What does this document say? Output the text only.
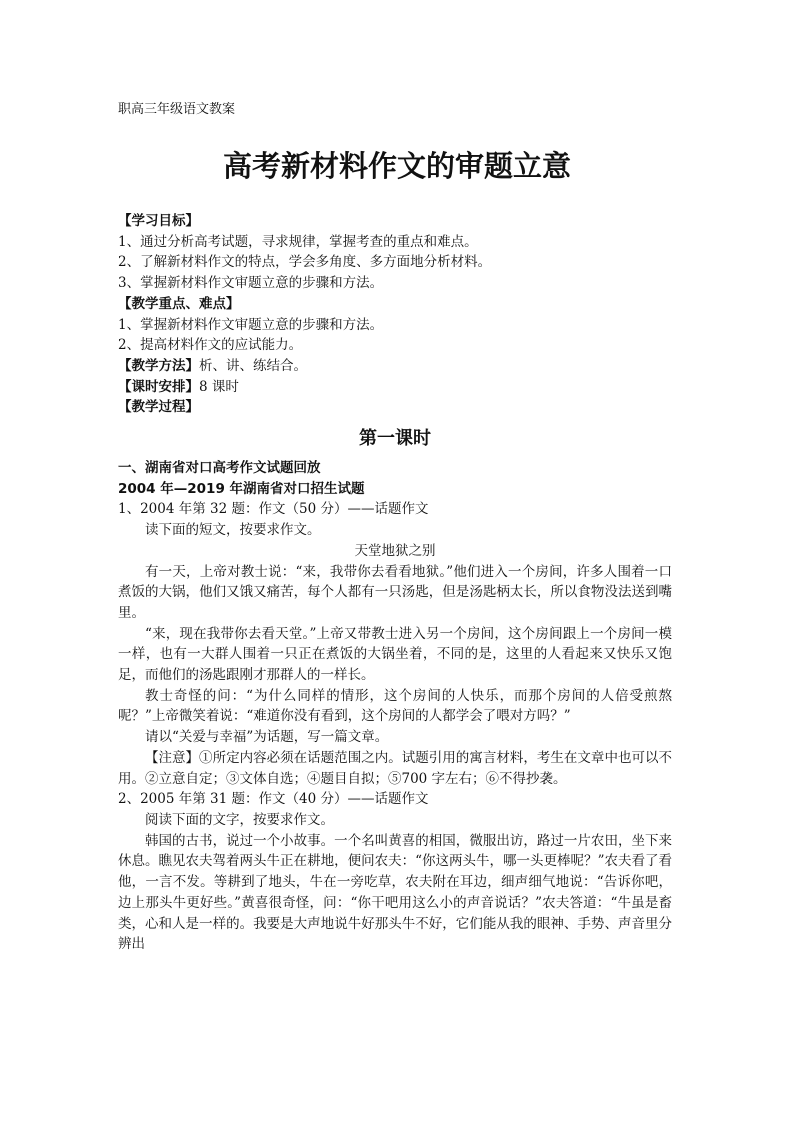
职高三年级语文教案
高考新材料作文的审题立意

【学习目标】

1、通过分析高考试题，寻求规律，掌握考查的重点和难点。

2、了解新材料作文的特点，学会多角度、多方面地分析材料。

3、掌握新材料作文审题立意的步骤和方法。

【教学重点、难点】

1、掌握新材料作文审题立意的步骤和方法。

2、提高材料作文的应试能力。

【教学方法】析、讲、练结合。

【课时安排】8 课时

【教学过程】

第一课时

一、湖南省对口高考作文试题回放

2004 年—2019 年湖南省对口招生试题

1、2004 年第 32 题：作文（50 分）——话题作文

读下面的短文，按要求作文。

天堂地狱之别

有一天，上帝对教士说：“来，我带你去看看地狱。”他们进入一个房间，许多人围着一口煮饭的大锅，他们又饿又痛苦，每个人都有一只汤匙，但是汤匙柄太长，所以食物没法送到嘴里。

“来，现在我带你去看天堂。”上帝又带教士进入另一个房间，这个房间跟上一个房间一模一样，也有一大群人围着一只正在煮饭的大锅坐着，不同的是，这里的人看起来又快乐又饱足，而他们的汤匙跟刚才那群人的一样长。

教士奇怪的问：“为什么同样的情形，这个房间的人快乐，而那个房间的人倍受煎熬呢？”上帝微笑着说：“难道你没有看到，这个房间的人都学会了喂对方吗？”

请以“关爱与幸福”为话题，写一篇文章。

【注意】①所定内容必须在话题范围之内。试题引用的寓言材料，考生在文章中也可以不用。②立意自定；③文体自选；④题目自拟；⑤700 字左右；⑥不得抄袭。

2、2005 年第 31 题：作文（40 分）——话题作文

阅读下面的文字，按要求作文。

韩国的古书，说过一个小故事。一个名叫黄喜的相国，微服出访，路过一片农田，坐下来休息。瞧见农夫驾着两头牛正在耕地，便问农夫：“你这两头牛，哪一头更棒呢？”农夫看了看他，一言不发。等耕到了地头，牛在一旁吃草，农夫附在耳边，细声细气地说：“告诉你吧，边上那头牛更好些。”黄喜很奇怪，问：“你干吧用这么小的声音说话？”农夫答道：“牛虽是畜类，心和人是一样的。我要是大声地说牛好那头牛不好，它们能从我的眼神、手势、声音里分辨出
